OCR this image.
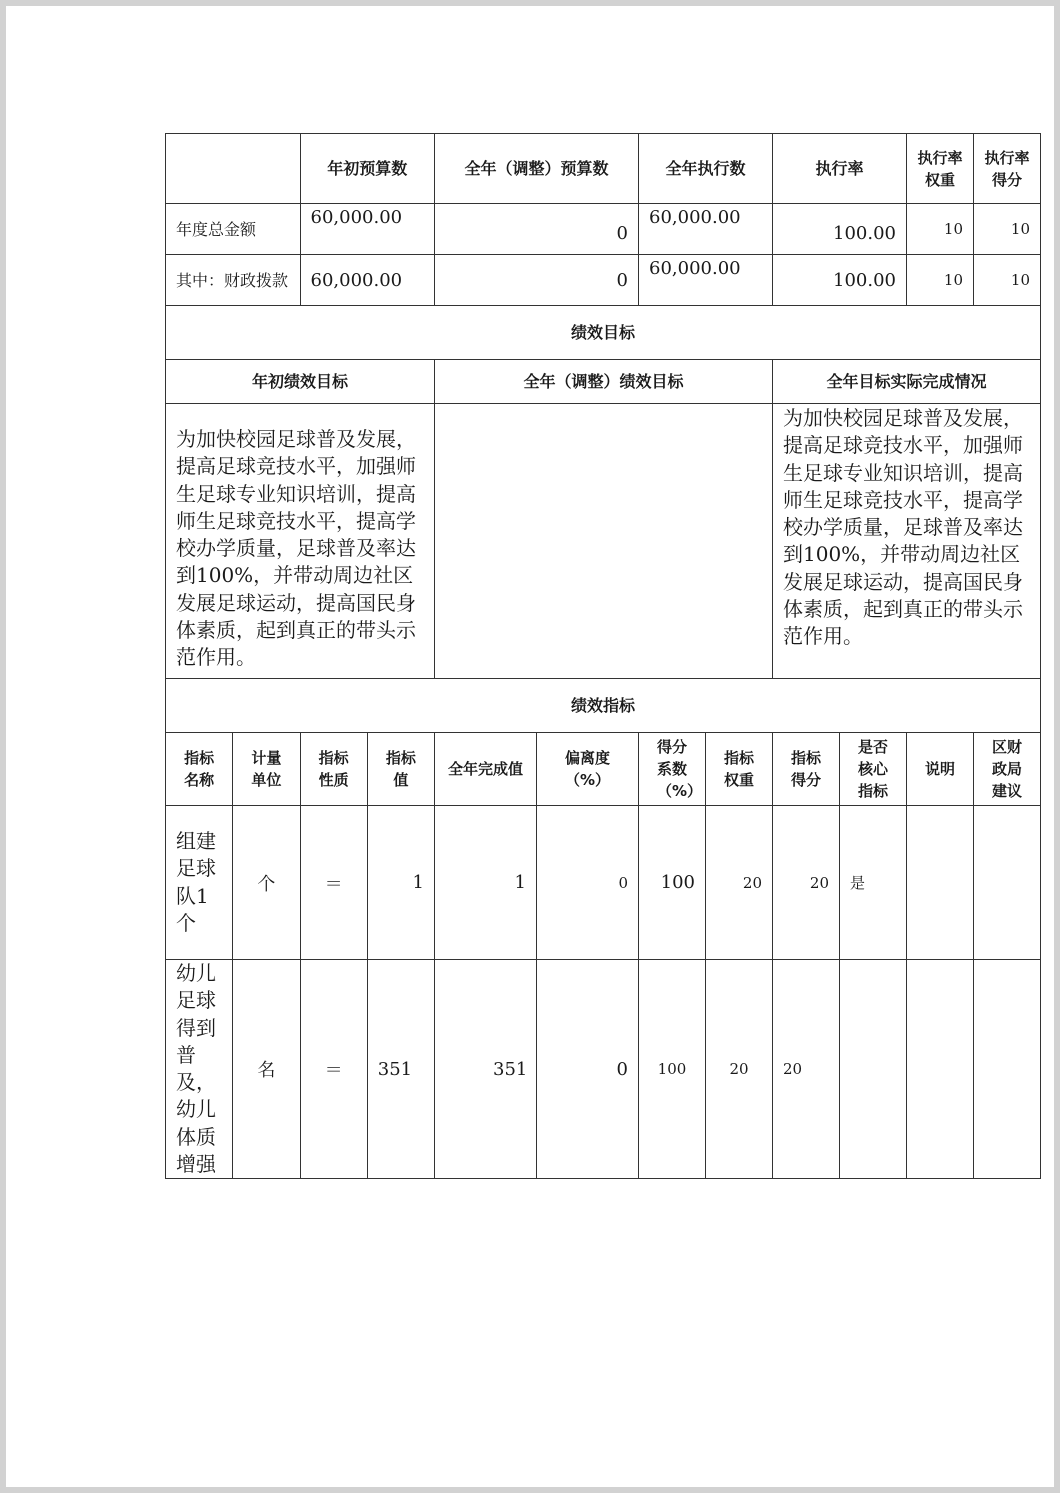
		年初预算数		全年（调整）预算数		全年执行数		执行率		执行率权重	执行率得分

年度总金额		60,000.00		0		60,000.00		100.00		10	10

其中：财政拨款		60,000.00		0		60,000.00		100.00		10	10
绩效目标											
年初绩效目标				全年（调整）绩效目标				全年目标实际完成情况			

为加快校园足球普及发展，提高足球竞技水平，加强师生足球专业知识培训，提高师生足球竞技水平，提高学校办学质量，足球普及率达到100%，并带动周边社区发展足球运动，提高国民身体素质，起到真正的带头示范作用。								为加快校园足球普及发展，提高足球竞技水平，加强师生足球专业知识培训，提高师生足球竞技水平，提高学校办学质量，足球普及率达到100%，并带动周边社区发展足球运动，提高国民身体素质，起到真正的带头示范作用。			

绩效指标											

指标名称	计量单位	指标性质	指标值	全年完成值	偏离度（%）	得分系数（%）	指标权重	指标得分	是否核心指标	说明	区财政局建议

组建足球队1个	个	＝	1	1	0	100	20	20	是		

幼儿足球得到普及，幼儿体质增强	名	＝	351	351	0	100	20	20			
